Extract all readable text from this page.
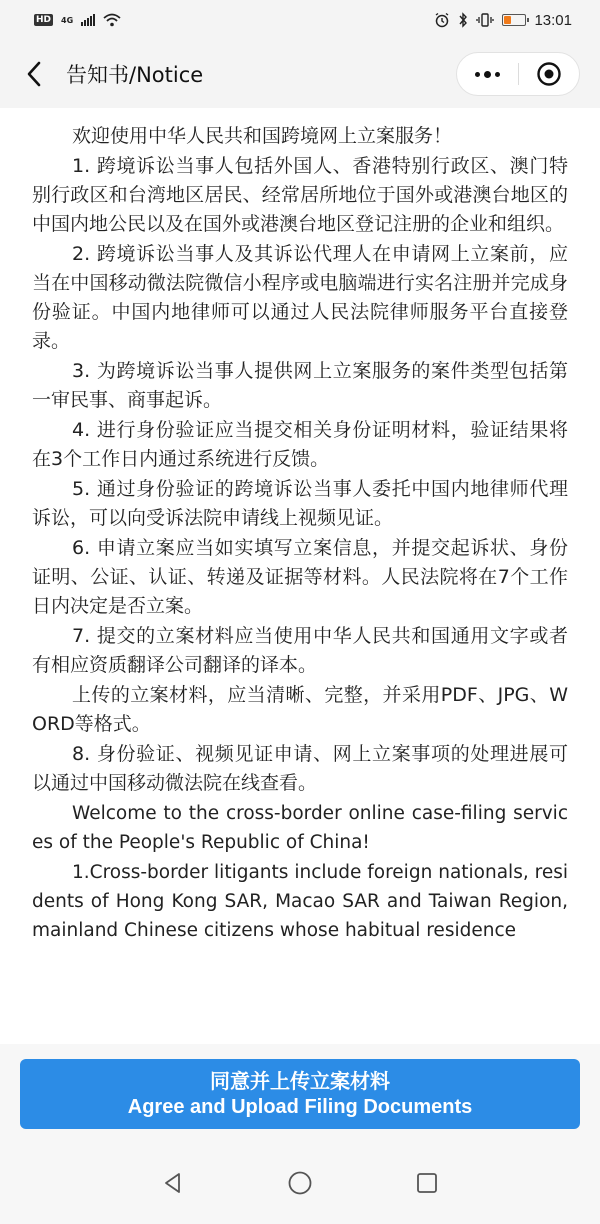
HD 4G	13:01
告知书/Notice

欢迎使用中华人民共和国跨境网上立案服务！

1. 跨境诉讼当事人包括外国人、香港特别行政区、澳门特别行政区和台湾地区居民、经常居所地位于国外或港澳台地区的中国内地公民以及在国外或港澳台地区登记注册的企业和组织。

2. 跨境诉讼当事人及其诉讼代理人在申请网上立案前，应当在中国移动微法院微信小程序或电脑端进行实名注册并完成身份验证。中国内地律师可以通过人民法院律师服务平台直接登录。

3. 为跨境诉讼当事人提供网上立案服务的案件类型包括第一审民事、商事起诉。

4. 进行身份验证应当提交相关身份证明材料，验证结果将在3个工作日内通过系统进行反馈。

5. 通过身份验证的跨境诉讼当事人委托中国内地律师代理诉讼，可以向受诉法院申请线上视频见证。

6. 申请立案应当如实填写立案信息，并提交起诉状、身份证明、公证、认证、转递及证据等材料。人民法院将在7个工作日内决定是否立案。

7. 提交的立案材料应当使用中华人民共和国通用文字或者有相应资质翻译公司翻译的译本。

上传的立案材料，应当清晰、完整，并采用PDF、JPG、WORD等格式。

8. 身份验证、视频见证申请、网上立案事项的处理进展可以通过中国移动微法院在线查看。

Welcome to the cross-border online case-filing services of the People's Republic of China!

1.Cross-border litigants include foreign nationals, residents of Hong Kong SAR, Macao SAR and Taiwan Region, mainland Chinese citizens whose habitual residence

同意并上传立案材料
Agree and Upload Filing Documents
